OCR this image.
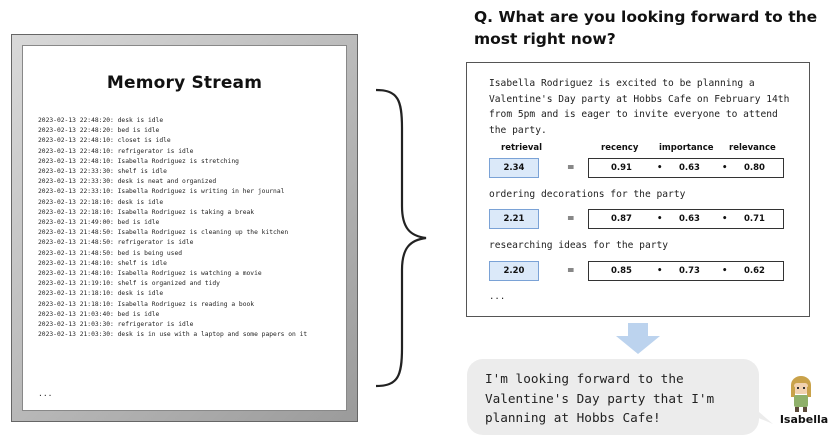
Memory Stream
2023-02-13 22:48:20: desk is idle
2023-02-13 22:48:20: bed is idle
2023-02-13 22:48:10: closet is idle
2023-02-13 22:48:10: refrigerator is idle
2023-02-13 22:48:10: Isabella Rodriguez is stretching
2023-02-13 22:33:30: shelf is idle
2023-02-13 22:33:30: desk is neat and organized
2023-02-13 22:33:10: Isabella Rodriguez is writing in her journal
2023-02-13 22:18:10: desk is idle
2023-02-13 22:18:10: Isabella Rodriguez is taking a break
2023-02-13 21:49:00: bed is idle
2023-02-13 21:48:50: Isabella Rodriguez is cleaning up the kitchen
2023-02-13 21:48:50: refrigerator is idle
2023-02-13 21:48:50: bed is being used
2023-02-13 21:48:10: shelf is idle
2023-02-13 21:48:10: Isabella Rodriguez is watching a movie
2023-02-13 21:19:10: shelf is organized and tidy
2023-02-13 21:18:10: desk is idle
2023-02-13 21:18:10: Isabella Rodriguez is reading a book
2023-02-13 21:03:40: bed is idle
2023-02-13 21:03:30: refrigerator is idle
2023-02-13 21:03:30: desk is in use with a laptop and some papers on it
...
Q. What are you looking forward to the most right now?
Isabella Rodriguez is excited to be planning a Valentine's Day party at Hobbs Cafe on February 14th from 5pm and is eager to invite everyone to attend the party.
retrieval	recency importance relevance
2.34	=	0.91	• 0.63	• 0.80
ordering decorations for the party
2.21	=	0.87	• 0.63	• 0.71
researching ideas for the party
2.20	=	0.85	• 0.73	• 0.62
...
I'm looking forward to the Valentine's Day party that I'm planning at Hobbs Cafe!	Isabella
